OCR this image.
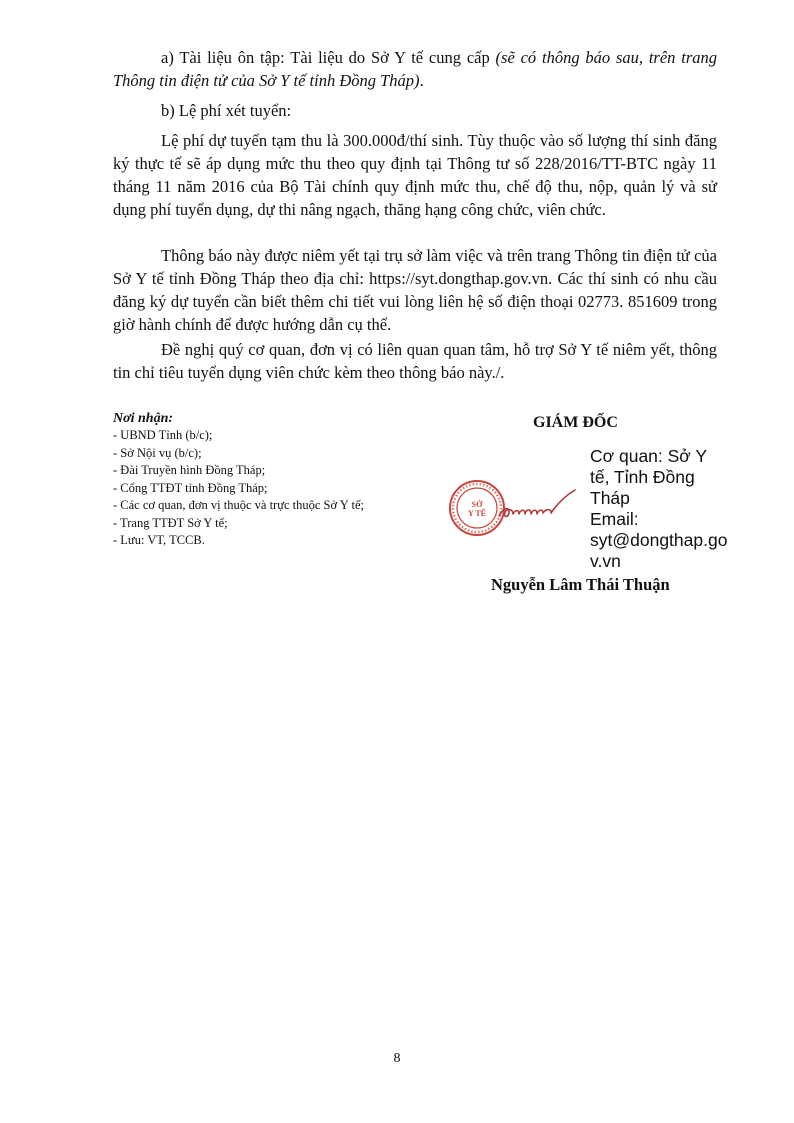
a) Tài liệu ôn tập: Tài liệu do Sở Y tế cung cấp (sẽ có thông báo sau, trên trang Thông tin điện tử của Sở Y tế tỉnh Đồng Tháp).

b) Lệ phí xét tuyển:

Lệ phí dự tuyển tạm thu là 300.000đ/thí sinh. Tùy thuộc vào số lượng thí sinh đăng ký thực tế sẽ áp dụng mức thu theo quy định tại Thông tư số 228/2016/TT-BTC ngày 11 tháng 11 năm 2016 của Bộ Tài chính quy định mức thu, chế độ thu, nộp, quản lý và sử dụng phí tuyển dụng, dự thi nâng ngạch, thăng hạng công chức, viên chức.

Thông báo này được niêm yết tại trụ sở làm việc và trên trang Thông tin điện tử của Sở Y tế tỉnh Đồng Tháp theo địa chỉ: https://syt.dongthap.gov.vn. Các thí sinh có nhu cầu đăng ký dự tuyển cần biết thêm chi tiết vui lòng liên hệ số điện thoại 02773. 851609 trong giờ hành chính để được hướng dẫn cụ thể.

Đề nghị quý cơ quan, đơn vị có liên quan quan tâm, hỗ trợ Sở Y tế niêm yết, thông tin chỉ tiêu tuyển dụng viên chức kèm theo thông báo này./.

Nơi nhận:
- UBND Tỉnh (b/c);
- Sở Nội vụ (b/c);
- Đài Truyền hình Đồng Tháp;
- Cổng TTĐT tỉnh Đồng Tháp;
- Các cơ quan, đơn vị thuộc và trực thuộc Sở Y tế;
- Trang TTĐT Sở Y tế;
- Lưu: VT, TCCB.
GIÁM ĐỐC
SỞ
Y TẾ
Cơ quan: Sở Y
tế, Tỉnh Đồng
Tháp
Email:
syt@dongthap.go
v.vn
Nguyễn Lâm Thái Thuận
8
